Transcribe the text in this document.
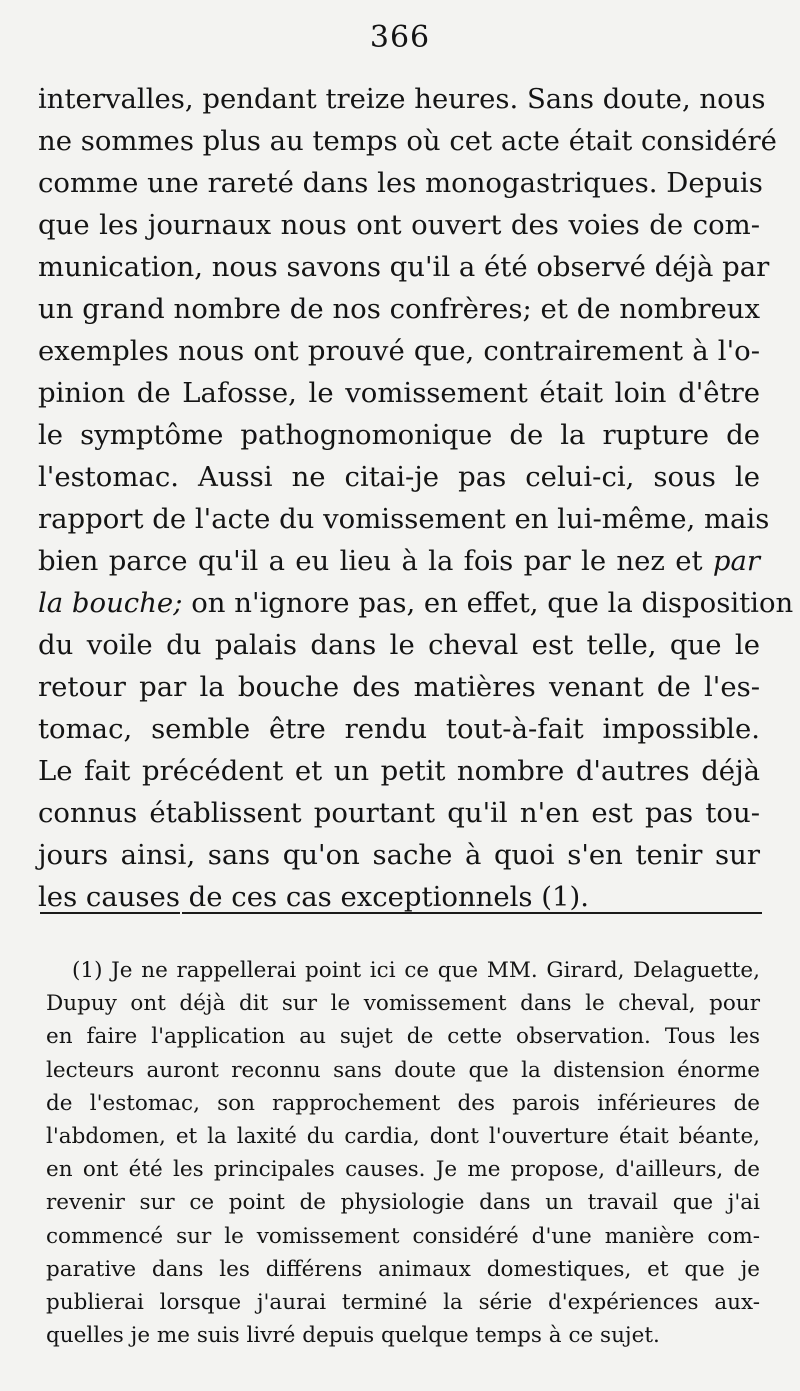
366
intervalles, pendant treize heures. Sans doute, nous
ne sommes plus au temps où cet acte était considéré
comme une rareté dans les monogastriques. Depuis
que les journaux nous ont ouvert des voies de com-
munication, nous savons qu'il a été observé déjà par
un grand nombre de nos confrères; et de nombreux
exemples nous ont prouvé que, contrairement à l'o-
pinion de Lafosse, le vomissement était loin d'être
le symptôme pathognomonique de la rupture de
l'estomac. Aussi ne citai-je pas celui-ci, sous le
rapport de l'acte du vomissement en lui-même, mais
bien parce qu'il a eu lieu à la fois par le nez et par
la bouche; on n'ignore pas, en effet, que la disposition
du voile du palais dans le cheval est telle, que le
retour par la bouche des matières venant de l'es-
tomac, semble être rendu tout-à-fait impossible.
Le fait précédent et un petit nombre d'autres déjà
connus établissent pourtant qu'il n'en est pas tou-
jours ainsi, sans qu'on sache à quoi s'en tenir sur
les causes de ces cas exceptionnels (1).
(1) Je ne rappellerai point ici ce que MM. Girard, Delaguette,
Dupuy ont déjà dit sur le vomissement dans le cheval, pour
en faire l'application au sujet de cette observation. Tous les
lecteurs auront reconnu sans doute que la distension énorme
de l'estomac, son rapprochement des parois inférieures de
l'abdomen, et la laxité du cardia, dont l'ouverture était béante,
en ont été les principales causes. Je me propose, d'ailleurs, de
revenir sur ce point de physiologie dans un travail que j'ai
commencé sur le vomissement considéré d'une manière com-
parative dans les différens animaux domestiques, et que je
publierai lorsque j'aurai terminé la série d'expériences aux-
quelles je me suis livré depuis quelque temps à ce sujet.
